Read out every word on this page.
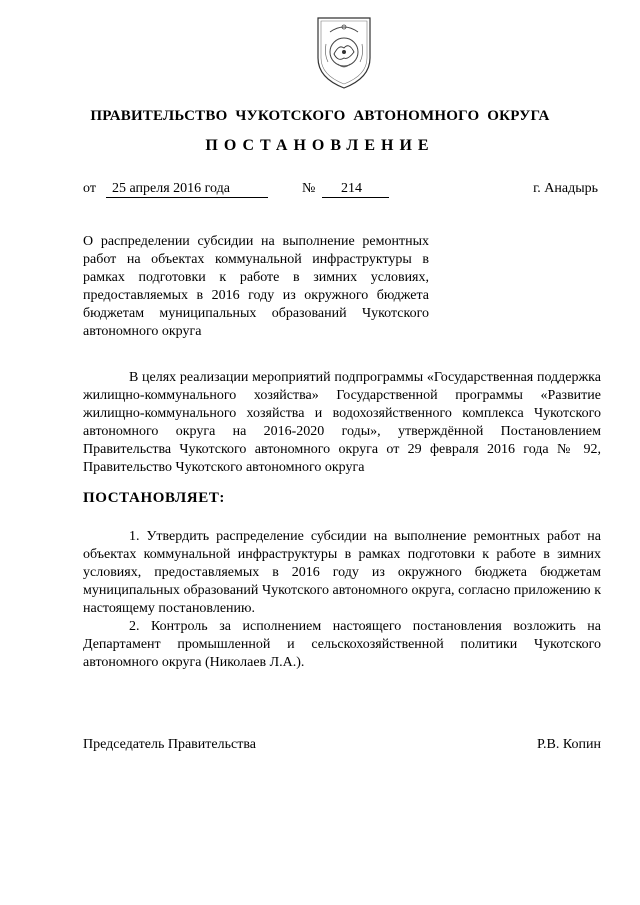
ПРАВИТЕЛЬСТВО ЧУКОТСКОГО АВТОНОМНОГО ОКРУГА
ПОСТАНОВЛЕНИЕ
от	25 апреля 2016 года	№	214	г. Анадырь
О распределении субсидии на выполнение ремонтных работ на объектах коммунальной инфраструктуры в рамках подготовки к работе в зимних условиях, предоставляемых в 2016 году из окружного бюджета бюджетам муниципальных образований Чукотского автономного округа
В целях реализации мероприятий подпрограммы «Государственная поддержка жилищно-коммунального хозяйства» Государственной программы «Развитие жилищно-коммунального хозяйства и водохозяйственного комплекса Чукотского автономного округа на 2016-2020 годы», утверждённой Постановлением Правительства Чукотского автономного округа от 29 февраля 2016 года № 92, Правительство Чукотского автономного округа
ПОСТАНОВЛЯЕТ:

1. Утвердить распределение субсидии на выполнение ремонтных работ на объектах коммунальной инфраструктуры в рамках подготовки к работе в зимних условиях, предоставляемых в 2016 году из окружного бюджета бюджетам муниципальных образований Чукотского автономного округа, согласно приложению к настоящему постановлению.

2. Контроль за исполнением настоящего постановления возложить на Департамент промышленной и сельскохозяйственной политики Чукотского автономного округа (Николаев Л.А.).

Председатель Правительства	Р.В. Копин
